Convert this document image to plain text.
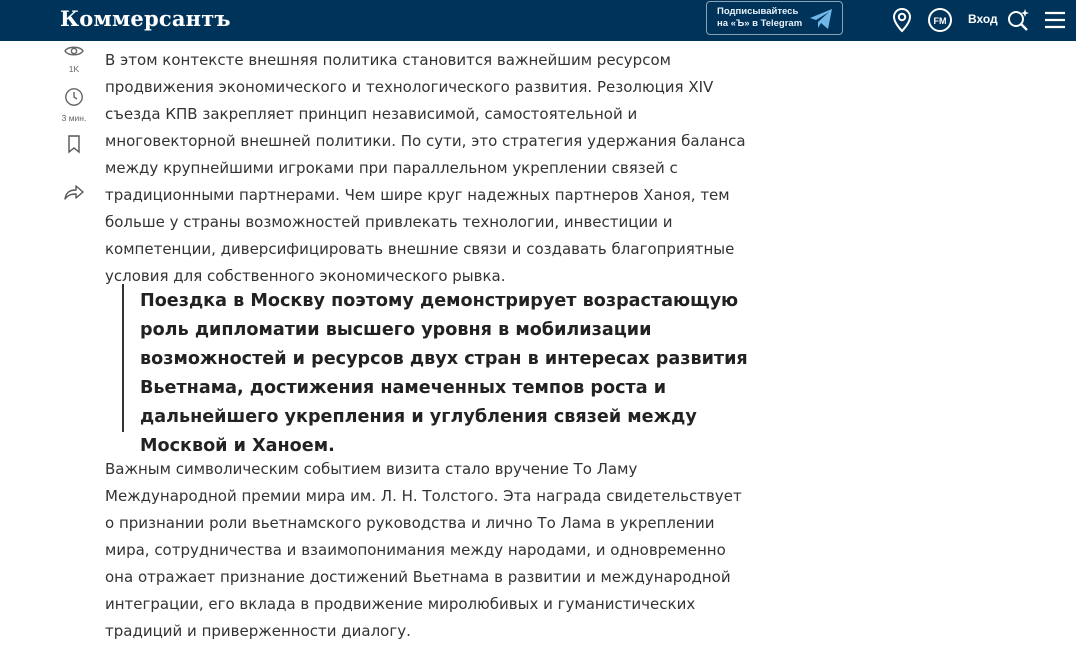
Коммерсантъ	Подписывайтесь
на «Ъ» в Telegram	FM Вход
1K
3 мин.

В этом контексте внешняя политика становится важнейшим ресурсом продвижения экономического и технологического развития. Резолюция XIV съезда КПВ закрепляет принцип независимой, самостоятельной и многовекторной внешней политики. По сути, это стратегия удержания баланса между крупнейшими игроками при параллельном укреплении связей с традиционными партнерами. Чем шире круг надежных партнеров Ханоя, тем больше у страны возможностей привлекать технологии, инвестиции и компетенции, диверсифицировать внешние связи и создавать благоприятные условия для собственного экономического рывка.

Поездка в Москву поэтому демонстрирует возрастающую роль дипломатии высшего уровня в мобилизации возможностей и ресурсов двух стран в интересах развития Вьетнама, достижения намеченных темпов роста и дальнейшего укрепления и углубления связей между Москвой и Ханоем.

Важным символическим событием визита стало вручение То Ламу Международной премии мира им. Л. Н. Толстого. Эта награда свидетельствует о признании роли вьетнамского руководства и лично То Лама в укреплении мира, сотрудничества и взаимопонимания между народами, и одновременно она отражает признание достижений Вьетнама в развитии и международной интеграции, его вклада в продвижение миролюбивых и гуманистических традиций и приверженности диалогу.
